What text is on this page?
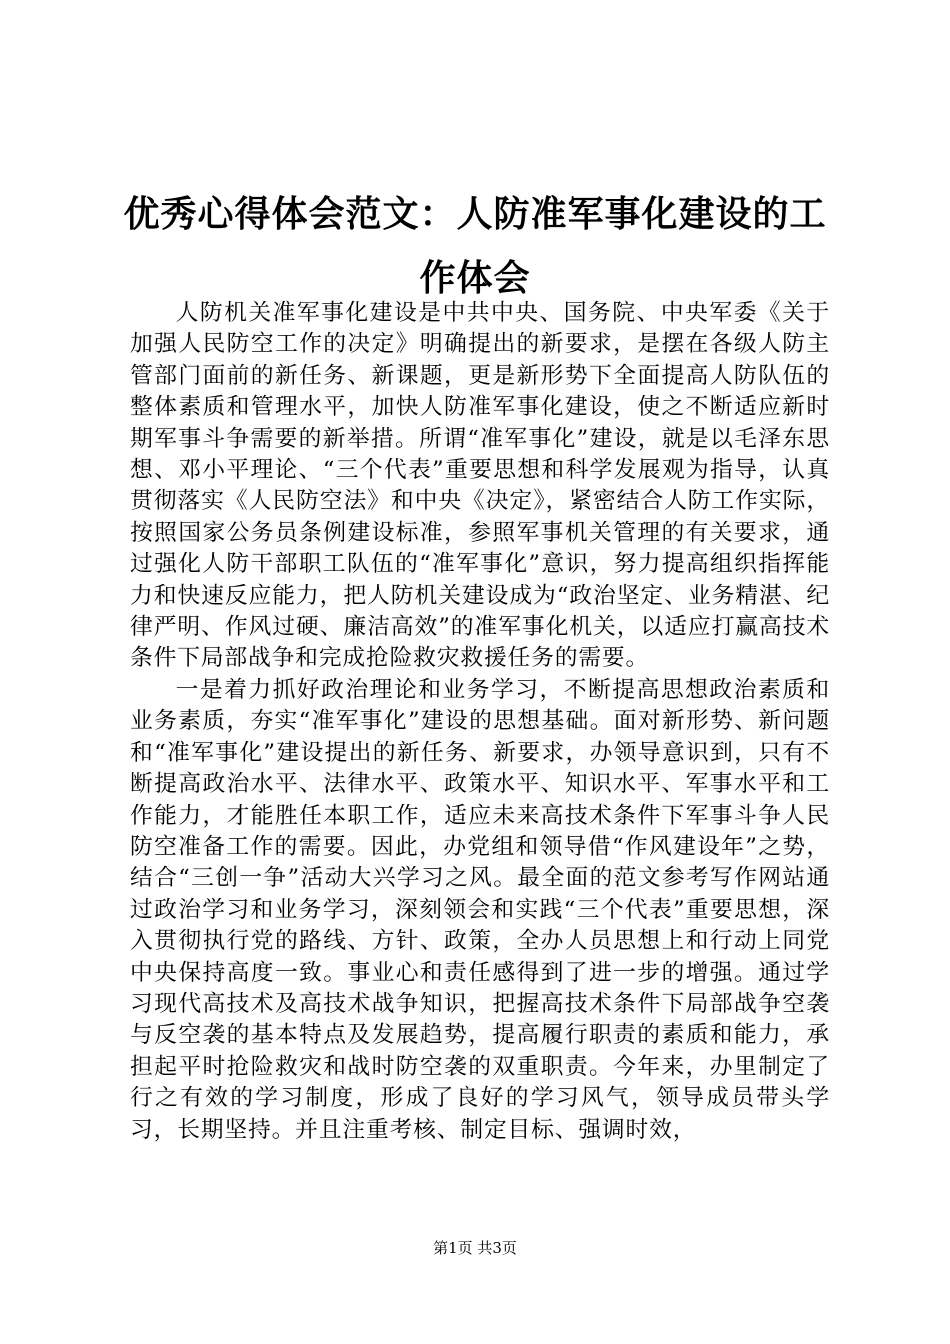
优秀心得体会范文：人防准军事化建设的工作体会

人防机关准军事化建设是中共中央、国务院、中央军委《关于加强人民防空工作的决定》明确提出的新要求，是摆在各级人防主管部门面前的新任务、新课题，更是新形势下全面提高人防队伍的整体素质和管理水平，加快人防准军事化建设，使之不断适应新时期军事斗争需要的新举措。所谓“准军事化”建设，就是以毛泽东思想、邓小平理论、“三个代表”重要思想和科学发展观为指导，认真贯彻落实《人民防空法》和中央《决定》，紧密结合人防工作实际，按照国家公务员条例建设标准，参照军事机关管理的有关要求，通过强化人防干部职工队伍的“准军事化”意识，努力提高组织指挥能力和快速反应能力，把人防机关建设成为“政治坚定、业务精湛、纪律严明、作风过硬、廉洁高效”的准军事化机关，以适应打赢高技术条件下局部战争和完成抢险救灾救援任务的需要。

一是着力抓好政治理论和业务学习，不断提高思想政治素质和业务素质，夯实“准军事化”建设的思想基础。面对新形势、新问题和“准军事化”建设提出的新任务、新要求，办领导意识到，只有不断提高政治水平、法律水平、政策水平、知识水平、军事水平和工作能力，才能胜任本职工作，适应未来高技术条件下军事斗争人民防空准备工作的需要。因此，办党组和领导借“作风建设年”之势，结合“三创一争”活动大兴学习之风。最全面的范文参考写作网站通过政治学习和业务学习，深刻领会和实践“三个代表”重要思想，深入贯彻执行党的路线、方针、政策，全办人员思想上和行动上同党中央保持高度一致。事业心和责任感得到了进一步的增强。通过学习现代高技术及高技术战争知识，把握高技术条件下局部战争空袭与反空袭的基本特点及发展趋势，提高履行职责的素质和能力，承担起平时抢险救灾和战时防空袭的双重职责。今年来，办里制定了行之有效的学习制度，形成了良好的学习风气，领导成员带头学习，长期坚持。并且注重考核、制定目标、强调时效，

第1页 共3页
